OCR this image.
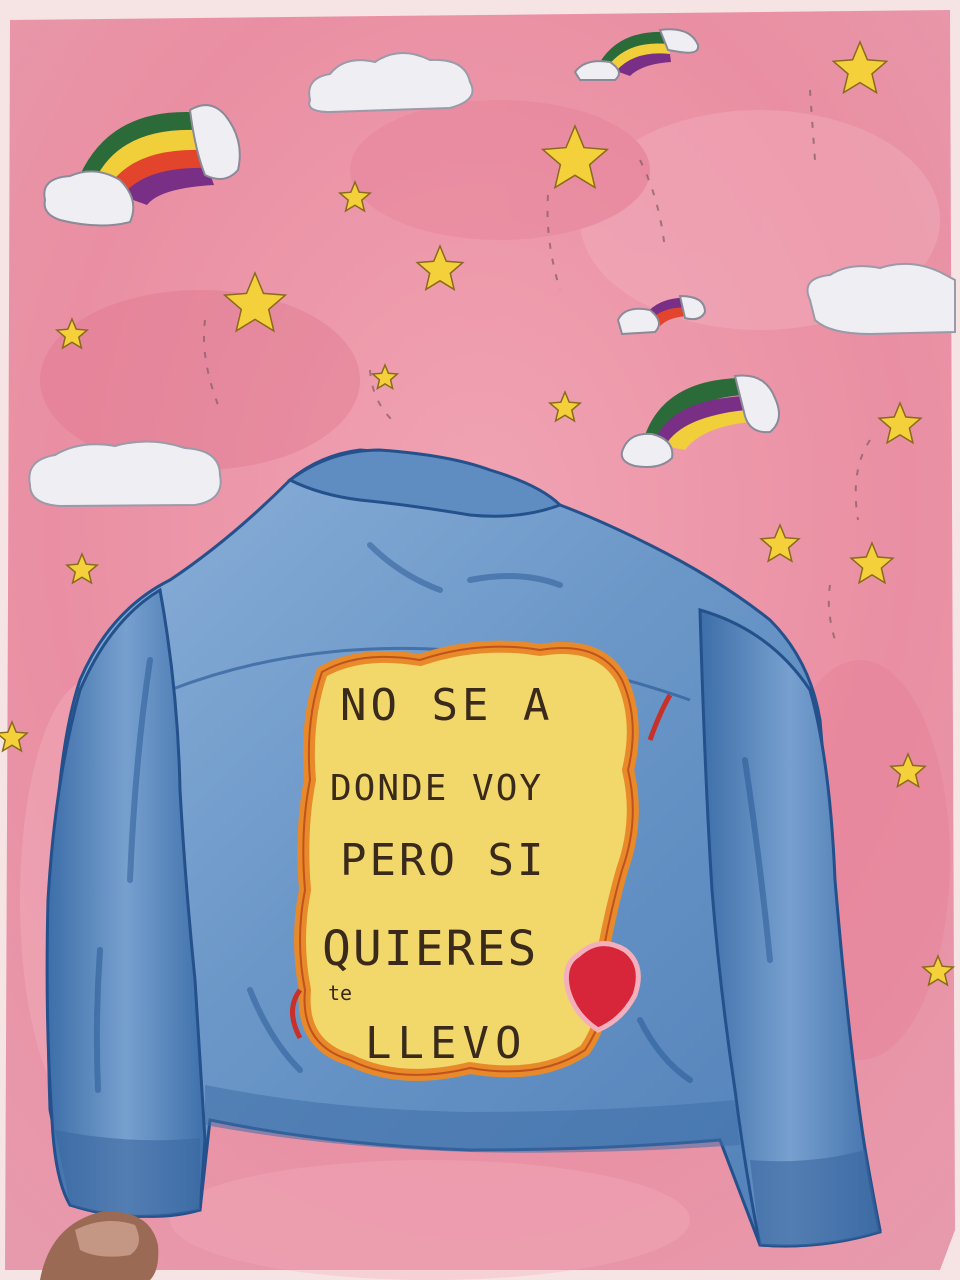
NO SE A
DONDE VOY
PERO SI
QUIERES
te
LLEVO
